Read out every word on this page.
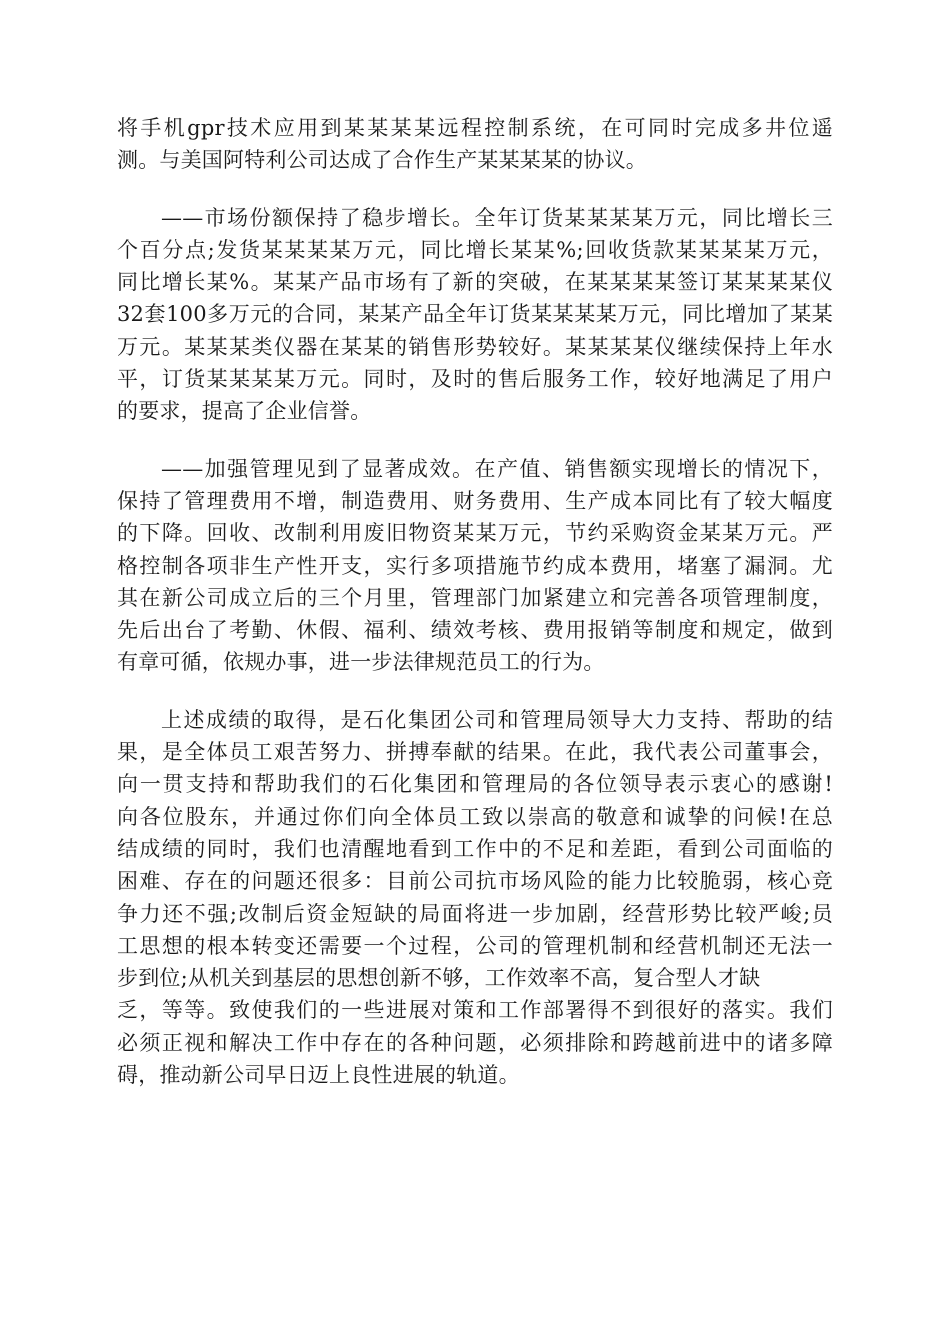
将手机gpr技术应用到某某某某远程控制系统，在可同时完成多井位遥
测。与美国阿特利公司达成了合作生产某某某某的协议。
——市场份额保持了稳步增长。全年订货某某某某万元，同比增长三
个百分点;发货某某某某万元，同比增长某某%;回收货款某某某某万元，
同比增长某%。某某产品市场有了新的突破，在某某某某签订某某某某仪
32套100多万元的合同，某某产品全年订货某某某某万元，同比增加了某某
万元。某某某类仪器在某某的销售形势较好。某某某某仪继续保持上年水
平，订货某某某某万元。同时，及时的售后服务工作，较好地满足了用户
的要求，提高了企业信誉。
——加强管理见到了显著成效。在产值、销售额实现增长的情况下，
保持了管理费用不增，制造费用、财务费用、生产成本同比有了较大幅度
的下降。回收、改制利用废旧物资某某万元，节约采购资金某某万元。严
格控制各项非生产性开支，实行多项措施节约成本费用，堵塞了漏洞。尤
其在新公司成立后的三个月里，管理部门加紧建立和完善各项管理制度，
先后出台了考勤、休假、福利、绩效考核、费用报销等制度和规定，做到
有章可循，依规办事，进一步法律规范员工的行为。
上述成绩的取得，是石化集团公司和管理局领导大力支持、帮助的结
果，是全体员工艰苦努力、拼搏奉献的结果。在此，我代表公司董事会，
向一贯支持和帮助我们的石化集团和管理局的各位领导表示衷心的感谢!
向各位股东，并通过你们向全体员工致以崇高的敬意和诚挚的问候!在总
结成绩的同时，我们也清醒地看到工作中的不足和差距，看到公司面临的
困难、存在的问题还很多：目前公司抗市场风险的能力比较脆弱，核心竞
争力还不强;改制后资金短缺的局面将进一步加剧，经营形势比较严峻;员
工思想的根本转变还需要一个过程，公司的管理机制和经营机制还无法一
步到位;从机关到基层的思想创新不够，工作效率不高，复合型人才缺
乏，等等。致使我们的一些进展对策和工作部署得不到很好的落实。我们
必须正视和解决工作中存在的各种问题，必须排除和跨越前进中的诸多障
碍，推动新公司早日迈上良性进展的轨道。
